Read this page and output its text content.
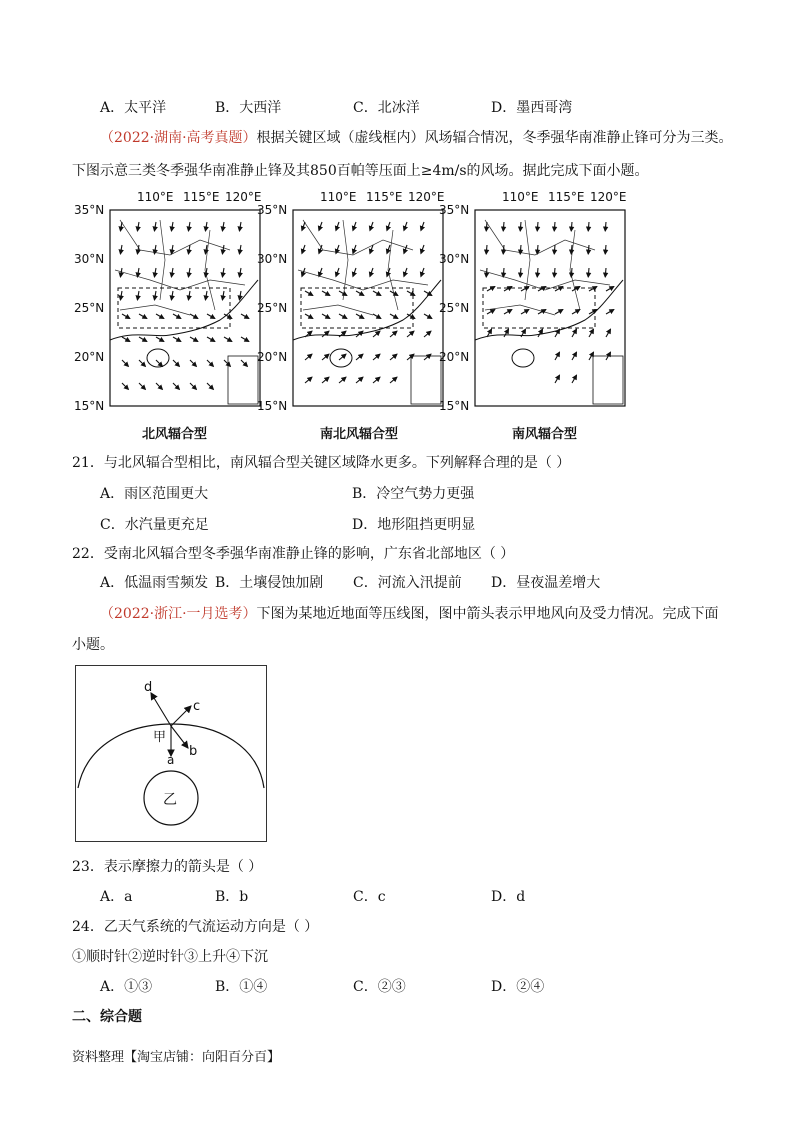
A．太平洋	B．大西洋	C．北冰洋	D．墨西哥湾
（2022·湖南·高考真题）根据关键区域（虚线框内）风场辐合情况，冬季强华南准静止锋可分为三类。
下图示意三类冬季强华南准静止锋及其850百帕等压面上≥4m/s的风场。据此完成下面小题。
110°E 115°E 120°E	110°E 115°E 120°E	110°E 115°E 120°E
35°N
30°N
25°N
20°N
15°N
35°N
30°N
25°N
20°N
15°N
35°N
30°N
25°N
20°N
15°N
北风辐合型	南北风辐合型	南风辐合型
21．与北风辐合型相比，南风辐合型关键区域降水更多。下列解释合理的是（ ）
A．雨区范围更大	B．冷空气势力更强
C．水汽量更充足	D．地形阻挡更明显
22．受南北风辐合型冬季强华南准静止锋的影响，广东省北部地区（ ）
A．低温雨雪频发 B．土壤侵蚀加剧 C．河流入汛提前 D．昼夜温差增大
（2022·浙江·一月选考）下图为某地近地面等压线图，图中箭头表示甲地风向及受力情况。完成下面
小题。
d
c
b
a
甲
乙
23．表示摩擦力的箭头是（ ）
A．a	B．b	C．c	D．d
24．乙天气系统的气流运动方向是（ ）
①顺时针②逆时针③上升④下沉
A．①③	B．①④	C．②③	D．②④
二、综合题
资料整理【淘宝店铺：向阳百分百】
